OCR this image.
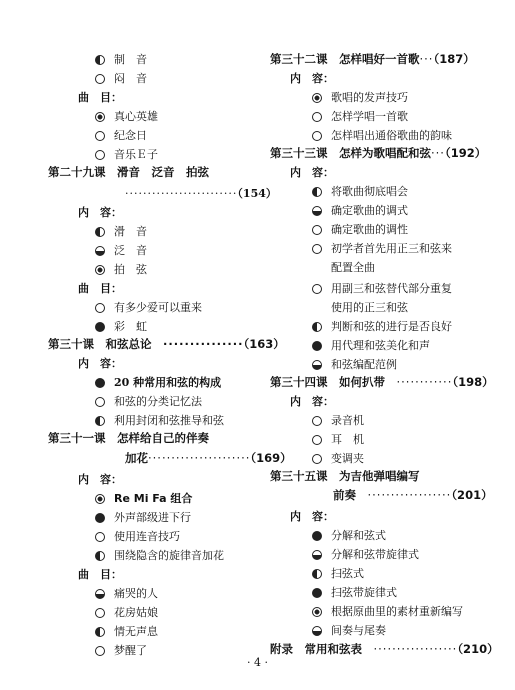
制　音
闷　音
曲　目：
真心英雄
纪念日
音乐Ｅ子
第二十九课　滑音　泛音　拍弦
·························（154）
内　容：
滑　音
泛　音
拍　弦
曲　目：
有多少爱可以重来
彩　虹
第三十课　和弦总论　 ···············（163）
内　容：
20 种常用和弦的构成
和弦的分类记忆法
利用封闭和弦推导和弦
第三十一课　怎样给自己的伴奏
加花······················（169）
内　容：
Re Mi Fa 组合
外声部级进下行
使用连音技巧
围绕隐含的旋律音加花
曲　目：
痛哭的人
花房姑娘
情无声息
梦醒了
第三十二课　怎样唱好一首歌···（187）
内　容：
歌唱的发声技巧
怎样学唱一首歌
怎样唱出通俗歌曲的韵味
第三十三课　怎样为歌唱配和弦···（192）
内　容：
将歌曲彻底唱会
确定歌曲的调式
确定歌曲的调性
初学者首先用正三和弦来
配置全曲
用副三和弦替代部分重复
使用的正三和弦
判断和弦的进行是否良好
用代理和弦美化和声
和弦编配范例
第三十四课　如何扒带　 ············（198）
内　容：
录音机
耳　机
变调夹
第三十五课　为吉他弹唱编写
前奏　 ··················（201）
内　容：
分解和弦式
分解和弦带旋律式
扫弦式
扫弦带旋律式
根据原曲里的素材重新编写
间奏与尾奏
附录　常用和弦表　 ··················（210）
· 4 ·
